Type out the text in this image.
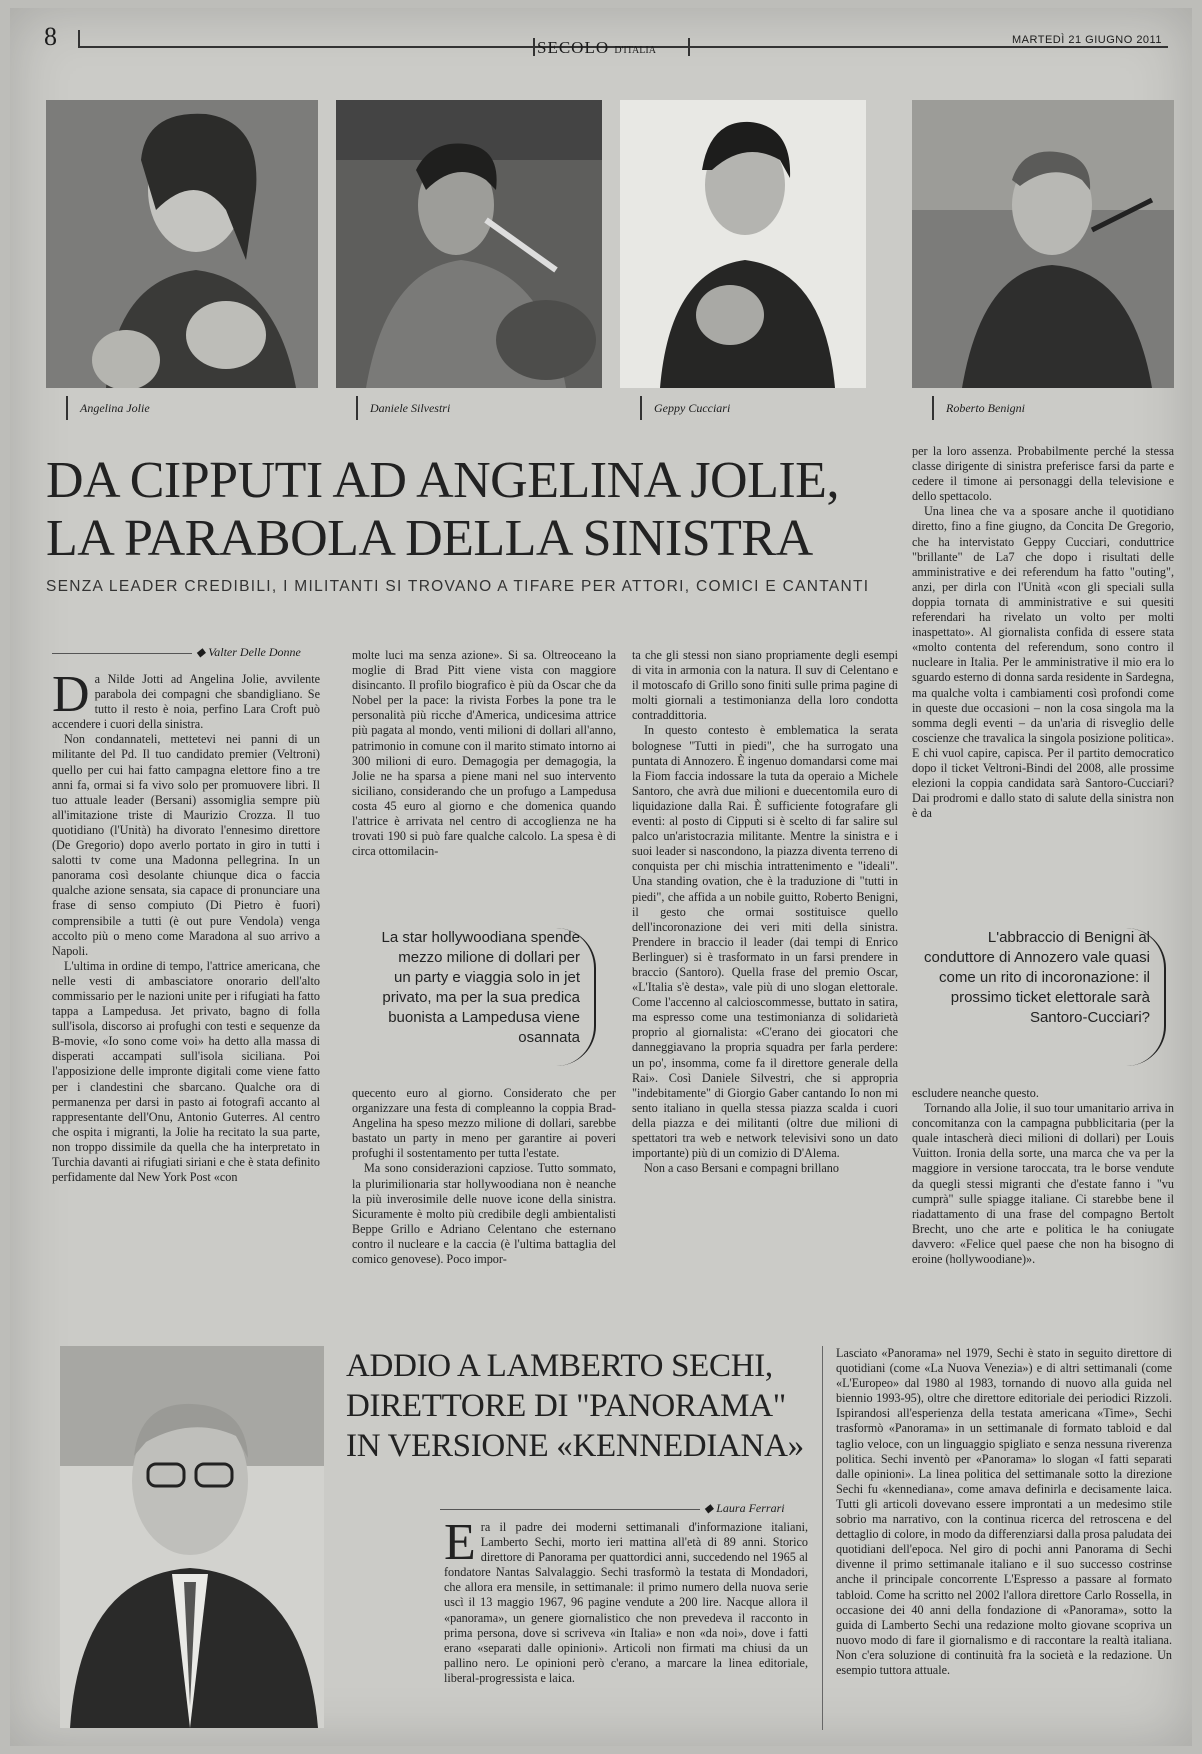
8	SECOLO D'ITALIA
MARTEDÌ 21 GIUGNO 2011
Angelina Jolie	Daniele Silvestri	Geppy Cucciari	Roberto Benigni
DA CIPPUTI AD ANGELINA JOLIE,
LA PARABOLA DELLA SINISTRA
SENZA LEADER CREDIBILI, I MILITANTI SI TROVANO A TIFARE PER ATTORI, COMICI E CANTANTI
◆ Valter Delle Donne

Da Nilde Jotti ad Angelina Jolie, avvilente parabola dei compagni che sbandigliano. Se tutto il resto è noia, perfino Lara Croft può accendere i cuori della sinistra.

Non condannateli, mettetevi nei panni di un militante del Pd. Il tuo candidato premier (Veltroni) quello per cui hai fatto campagna elettore fino a tre anni fa, ormai si fa vivo solo per promuovere libri. Il tuo attuale leader (Bersani) assomiglia sempre più all'imitazione triste di Maurizio Crozza. Il tuo quotidiano (l'Unità) ha divorato l'ennesimo direttore (De Gregorio) dopo averlo portato in giro in tutti i salotti tv come una Madonna pellegrina. In un panorama così desolante chiunque dica o faccia qualche azione sensata, sia capace di pronunciare una frase di senso compiuto (Di Pietro è fuori) comprensibile a tutti (è out pure Vendola) venga accolto più o meno come Maradona al suo arrivo a Napoli.

L'ultima in ordine di tempo, l'attrice americana, che nelle vesti di ambasciatore onorario dell'alto commissario per le nazioni unite per i rifugiati ha fatto tappa a Lampedusa. Jet privato, bagno di folla sull'isola, discorso ai profughi con testi e sequenze da B-movie, «Io sono come voi» ha detto alla massa di disperati accampati sull'isola siciliana. Poi l'apposizione delle impronte digitali come viene fatto per i clandestini che sbarcano. Qualche ora di permanenza per darsi in pasto ai fotografi accanto al rappresentante dell'Onu, Antonio Guterres. Al centro che ospita i migranti, la Jolie ha recitato la sua parte, non troppo dissimile da quella che ha interpretato in Turchia davanti ai rifugiati siriani e che è stata definito perfidamente dal New York Post «con

molte luci ma senza azione». Si sa. Oltreoceano la moglie di Brad Pitt viene vista con maggiore disincanto. Il profilo biografico è più da Oscar che da Nobel per la pace: la rivista Forbes la pone tra le personalità più ricche d'America, undicesima attrice più pagata al mondo, venti milioni di dollari all'anno, patrimonio in comune con il marito stimato intorno ai 300 milioni di euro. Demagogia per demagogia, la Jolie ne ha sparsa a piene mani nel suo intervento siciliano, considerando che un profugo a Lampedusa costa 45 euro al giorno e che domenica quando l'attrice è arrivata nel centro di accoglienza ne ha trovati 190 si può fare qualche calcolo. La spesa è di circa ottomilacin-

La star hollywoodiana spende mezzo milione di dollari per un party e viaggia solo in jet privato, ma per la sua predica buonista a Lampedusa viene osannata

quecento euro al giorno. Considerato che per organizzare una festa di compleanno la coppia Brad-Angelina ha speso mezzo milione di dollari, sarebbe bastato un party in meno per garantire ai poveri profughi il sostentamento per tutta l'estate.

Ma sono considerazioni capziose. Tutto sommato, la plurimilionaria star hollywoodiana non è neanche la più inverosimile delle nuove icone della sinistra. Sicuramente è molto più credibile degli ambientalisti Beppe Grillo e Adriano Celentano che esternano contro il nucleare e la caccia (è l'ultima battaglia del comico genovese). Poco impor-

ta che gli stessi non siano propriamente degli esempi di vita in armonia con la natura. Il suv di Celentano e il motoscafo di Grillo sono finiti sulle prima pagine di molti giornali a testimonianza della loro condotta contraddittoria.

In questo contesto è emblematica la serata bolognese "Tutti in piedi", che ha surrogato una puntata di Annozero. È ingenuo domandarsi come mai la Fiom faccia indossare la tuta da operaio a Michele Santoro, che avrà due milioni e duecentomila euro di liquidazione dalla Rai. È sufficiente fotografare gli eventi: al posto di Cipputi si è scelto di far salire sul palco un'aristocrazia militante. Mentre la sinistra e i suoi leader si nascondono, la piazza diventa terreno di conquista per chi mischia intrattenimento e "ideali". Una standing ovation, che è la traduzione di "tutti in piedi", che affida a un nobile guitto, Roberto Benigni, il gesto che ormai sostituisce quello dell'incoronazione dei veri miti della sinistra. Prendere in braccio il leader (dai tempi di Enrico Berlinguer) si è trasformato in un farsi prendere in braccio (Santoro). Quella frase del premio Oscar, «L'Italia s'è desta», vale più di uno slogan elettorale. Come l'accenno al calcioscommesse, buttato in satira, ma espresso come una testimonianza di solidarietà proprio al giornalista: «C'erano dei giocatori che danneggiavano la propria squadra per farla perdere: un po', insomma, come fa il direttore generale della Rai». Così Daniele Silvestri, che si appropria "indebitamente" di Giorgio Gaber cantando Io non mi sento italiano in quella stessa piazza scalda i cuori della piazza e dei militanti (oltre due milioni di spettatori tra web e network televisivi sono un dato importante) più di un comizio di D'Alema.

Non a caso Bersani e compagni brillano

per la loro assenza. Probabilmente perché la stessa classe dirigente di sinistra preferisce farsi da parte e cedere il timone ai personaggi della televisione e dello spettacolo.

Una linea che va a sposare anche il quotidiano diretto, fino a fine giugno, da Concita De Gregorio, che ha intervistato Geppy Cucciari, conduttrice "brillante" de La7 che dopo i risultati delle amministrative e dei referendum ha fatto "outing", anzi, per dirla con l'Unità «con gli speciali sulla doppia tornata di amministrative e sui quesiti referendari ha rivelato un volto per molti inaspettato». Al giornalista confida di essere stata «molto contenta del referendum, sono contro il nucleare in Italia. Per le amministrative il mio era lo sguardo esterno di donna sarda residente in Sardegna, ma qualche volta i cambiamenti così profondi come in queste due occasioni – non la cosa singola ma la somma degli eventi – da un'aria di risveglio delle coscienze che travalica la singola posizione politica». E chi vuol capire, capisca. Per il partito democratico dopo il ticket Veltroni-Bindi del 2008, alle prossime elezioni la coppia candidata sarà Santoro-Cucciari? Dai prodromi e dallo stato di salute della sinistra non è da

L'abbraccio di Benigni al conduttore di Annozero vale quasi come un rito di incoronazione: il prossimo ticket elettorale sarà Santoro-Cucciari?

escludere neanche questo.

Tornando alla Jolie, il suo tour umanitario arriva in concomitanza con la campagna pubblicitaria (per la quale intascherà dieci milioni di dollari) per Louis Vuitton. Ironia della sorte, una marca che va per la maggiore in versione taroccata, tra le borse vendute da quegli stessi migranti che d'estate fanno i "vu cumprà" sulle spiagge italiane. Ci starebbe bene il riadattamento di una frase del compagno Bertolt Brecht, uno che arte e politica le ha coniugate davvero: «Felice quel paese che non ha bisogno di eroine (hollywoodiane)».

ADDIO A LAMBERTO SECHI,
DIRETTORE DI "PANORAMA"
IN VERSIONE «KENNEDIANA»
◆ Laura Ferrari

Era il padre dei moderni settimanali d'informazione italiani, Lamberto Sechi, morto ieri mattina all'età di 89 anni. Storico direttore di Panorama per quattordici anni, succedendo nel 1965 al fondatore Nantas Salvalaggio. Sechi trasformò la testata di Mondadori, che allora era mensile, in settimanale: il primo numero della nuova serie uscì il 13 maggio 1967, 96 pagine vendute a 200 lire. Nacque allora il «panorama», un genere giornalistico che non prevedeva il racconto in prima persona, dove si scriveva «in Italia» e non «da noi», dove i fatti erano «separati dalle opinioni». Articoli non firmati ma chiusi da un pallino nero. Le opinioni però c'erano, a marcare la linea editoriale, liberal-progressista e laica.

Lasciato «Panorama» nel 1979, Sechi è stato in seguito direttore di quotidiani (come «La Nuova Venezia») e di altri settimanali (come «L'Europeo» dal 1980 al 1983, tornando di nuovo alla guida nel biennio 1993-95), oltre che direttore editoriale dei periodici Rizzoli. Ispirandosi all'esperienza della testata americana «Time», Sechi trasformò «Panorama» in un settimanale di formato tabloid e dal taglio veloce, con un linguaggio spigliato e senza nessuna riverenza politica. Sechi inventò per «Panorama» lo slogan «I fatti separati dalle opinioni». La linea politica del settimanale sotto la direzione Sechi fu «kennediana», come amava definirla e decisamente laica. Tutti gli articoli dovevano essere improntati a un medesimo stile sobrio ma narrativo, con la continua ricerca del retroscena e del dettaglio di colore, in modo da differenziarsi dalla prosa paludata dei quotidiani dell'epoca. Nel giro di pochi anni Panorama di Sechi divenne il primo settimanale italiano e il suo successo costrinse anche il principale concorrente L'Espresso a passare al formato tabloid. Come ha scritto nel 2002 l'allora direttore Carlo Rossella, in occasione dei 40 anni della fondazione di «Panorama», sotto la guida di Lamberto Sechi una redazione molto giovane scopriva un nuovo modo di fare il giornalismo e di raccontare la realtà italiana. Non c'era soluzione di continuità fra la società e la redazione. Un esempio tuttora attuale.
